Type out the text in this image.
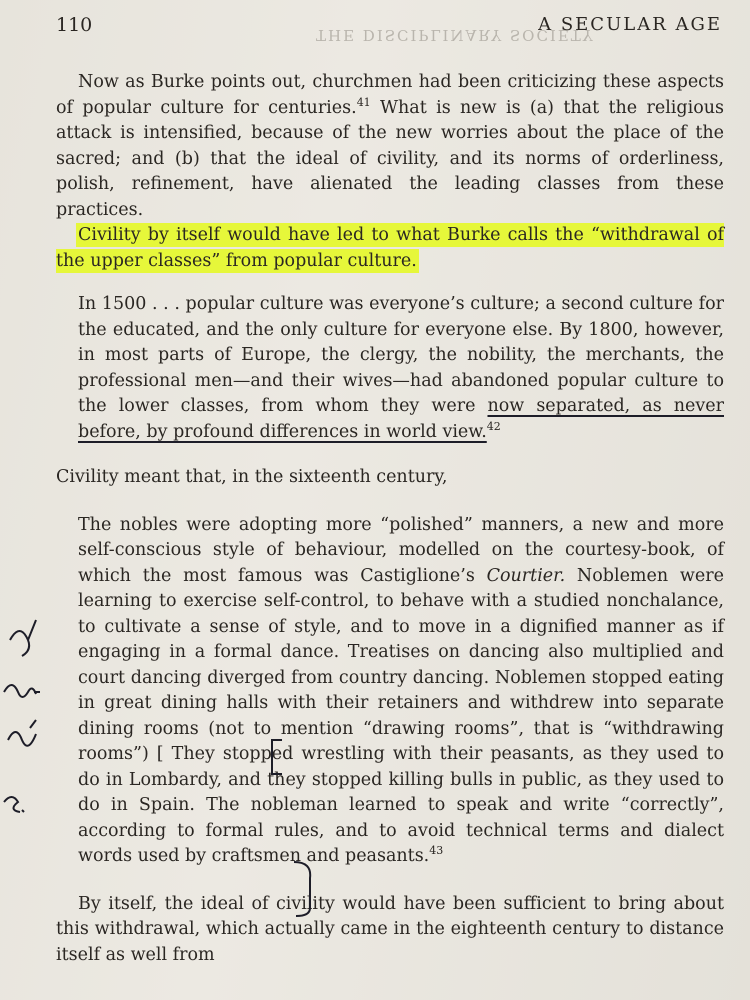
110	THE DISCIPLINARY SOCIETY
A SECULAR AGE

Now as Burke points out, churchmen had been criticizing these aspects of popular culture for centuries.$^{41}$ What is new is (a) that the religious attack is intensified, because of the new worries about the place of the sacred; and (b) that the ideal of civility, and its norms of orderliness, polish, refinement, have alienated the leading classes from these practices.

Civility by itself would have led to what Burke calls the “withdrawal of the upper classes” from popular culture.

In 1500 . . . popular culture was everyone’s culture; a second culture for the educated, and the only culture for everyone else. By 1800, however, in most parts of Europe, the clergy, the nobility, the merchants, the professional men—and their wives—had abandoned popular culture to the lower classes, from whom they were now separated, as never before, by profound differences in world view.$^{42}$

Civility meant that, in the sixteenth century,

The nobles were adopting more “polished” manners, a new and more self-conscious style of behaviour, modelled on the courtesy-book, of which the most famous was Castiglione’s Courtier. Noblemen were learning to exercise self-control, to behave with a studied nonchalance, to cultivate a sense of style, and to move in a dignified manner as if engaging in a formal dance. Treatises on dancing also multiplied and court dancing diverged from country dancing. Noblemen stopped eating in great dining halls with their retainers and withdrew into separate dining rooms (not to mention “drawing rooms”, that is “withdrawing rooms”) [ They stopped wrestling with their peasants, as they used to do in Lombardy, and they stopped killing bulls in public, as they used to do in Spain. The nobleman learned to speak and write “correctly”, according to formal rules, and to avoid technical terms and dialect words used by craftsmen and peasants.$^{43}$

By itself, the ideal of civility would have been sufficient to bring about this withdrawal, which actually came in the eighteenth century to distance itself as well from
